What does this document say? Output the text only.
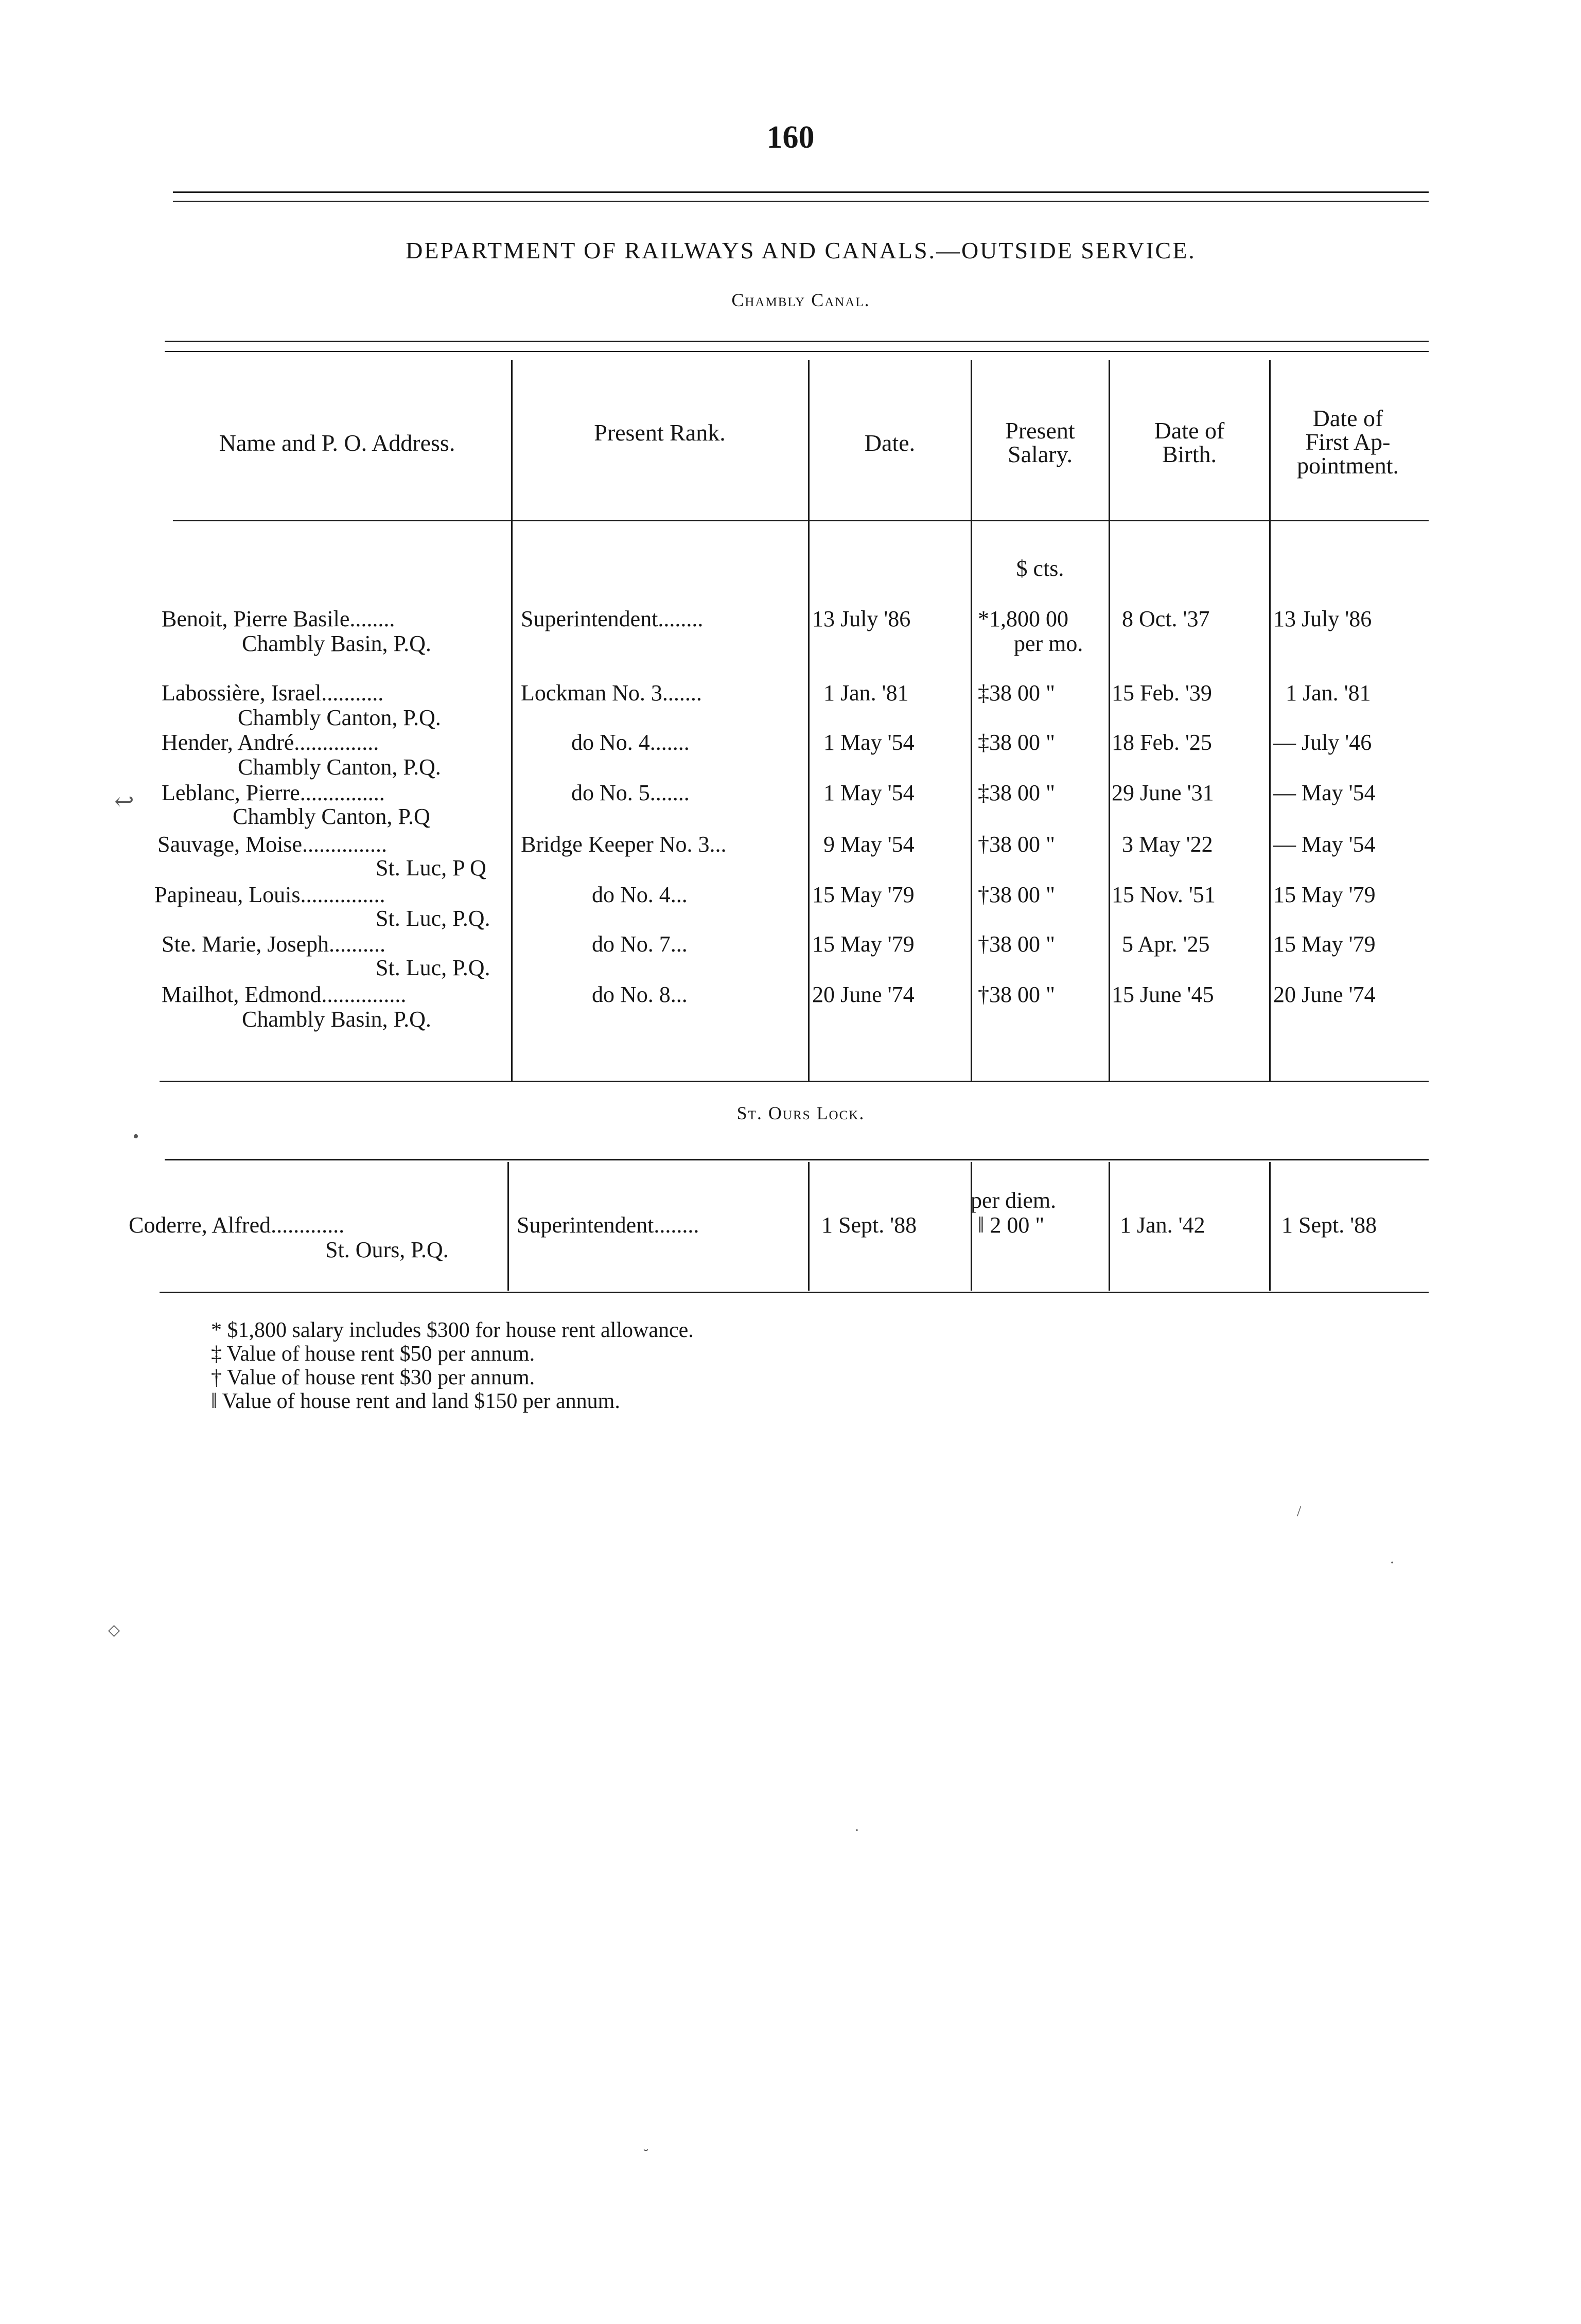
160
DEPARTMENT OF RAILWAYS AND CANALS.—OUTSIDE SERVICE.
Chambly Canal.
Name and P. O. Address.	Present Rank.	Date.	Present
Salary.
Date of
Birth.
Date of
First Ap-
pointment.
$ cts.
Benoit, Pierre Basile........
Chambly Basin, P.Q.
Superintendent........	13 July '86	*1,800 00
per mo.
8 Oct. '37	13 July '86
Labossière, Israel...........
Chambly Canton, P.Q.
Lockman No. 3.......	1 Jan. '81	‡38 00 "	15 Feb. '39	1 Jan. '81
Hender, André...............
Chambly Canton, P.Q.
do No. 4.......	1 May '54	‡38 00 "	18 Feb. '25	— July '46
Leblanc, Pierre...............
Chambly Canton, P.Q
do No. 5.......	1 May '54	‡38 00 "	29 June '31	— May '54
Sauvage, Moise...............
St. Luc, P Q
Bridge Keeper No. 3...	9 May '54	†38 00 "	3 May '22	— May '54
Papineau, Louis...............
St. Luc, P.Q.
do No. 4...	15 May '79	†38 00 "	15 Nov. '51	15 May '79
Ste. Marie, Joseph..........
St. Luc, P.Q.
do No. 7...	15 May '79	†38 00 "	5 Apr. '25	15 May '79
Mailhot, Edmond...............
Chambly Basin, P.Q.
do No. 8...	20 June '74	†38 00 "	15 June '45	20 June '74
St. Ours Lock.
Coderre, Alfred.............
St. Ours, P.Q.
Superintendent........	1 Sept. '88
per diem.
‖ 2 00 "	1 Jan. '42	1 Sept. '88
* $1,800 salary includes $300 for house rent allowance.
‡ Value of house rent $50 per annum.
† Value of house rent $30 per annum.
‖ Value of house rent and land $150 per annum.
↩
•
◇
·
˘
/
·
